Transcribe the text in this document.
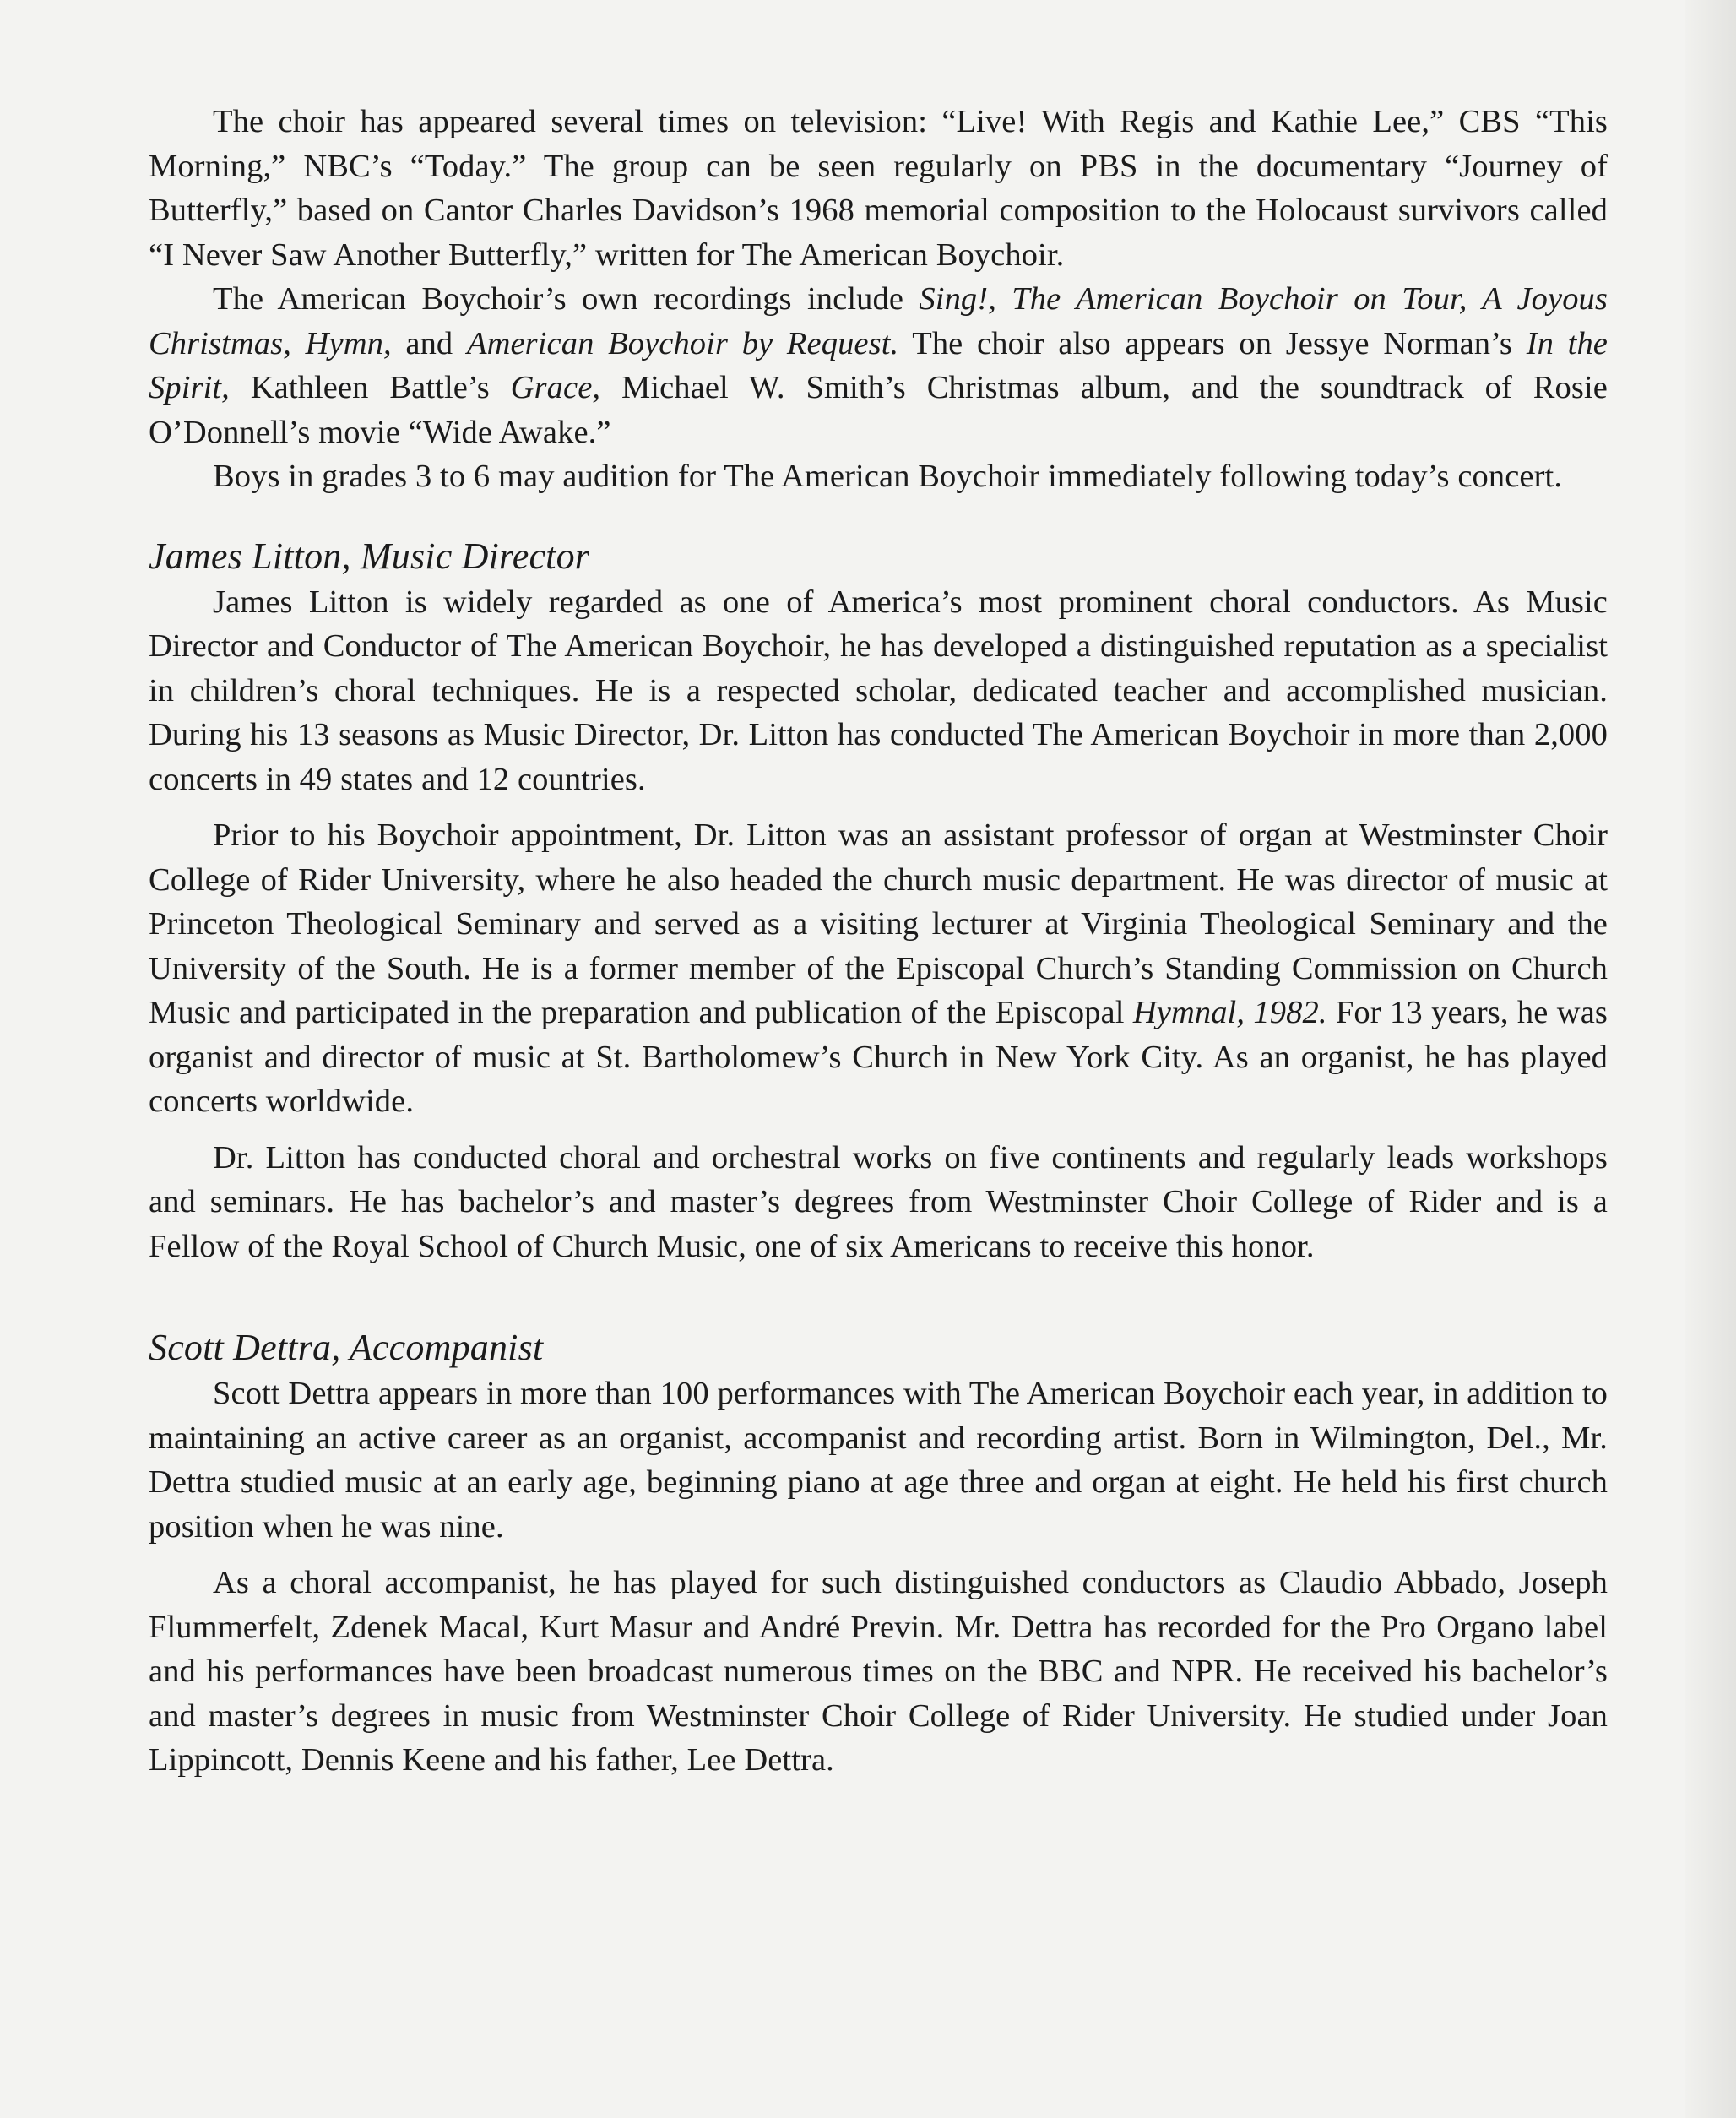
The choir has appeared several times on television: “Live! With Regis and Kathie Lee,” CBS “This Morning,” NBC’s “Today.” The group can be seen regularly on PBS in the documentary “Journey of Butterfly,” based on Cantor Charles Davidson’s 1968 memorial composition to the Holocaust survivors called “I Never Saw Another Butterfly,” written for The American Boychoir.

The American Boychoir’s own recordings include Sing!, The American Boychoir on Tour, A Joyous Christmas, Hymn, and American Boychoir by Request. The choir also appears on Jessye Norman’s In the Spirit, Kathleen Battle’s Grace, Michael W. Smith’s Christmas album, and the soundtrack of Rosie O’Donnell’s movie “Wide Awake.”

Boys in grades 3 to 6 may audition for The American Boychoir immediately following today’s concert.

James Litton, Music Director

James Litton is widely regarded as one of America’s most prominent choral conductors. As Music Director and Conductor of The American Boychoir, he has developed a distinguished reputation as a specialist in children’s choral techniques. He is a respected scholar, dedicated teacher and accomplished musician. During his 13 seasons as Music Director, Dr. Litton has conducted The American Boychoir in more than 2,000 concerts in 49 states and 12 countries.

Prior to his Boychoir appointment, Dr. Litton was an assistant professor of organ at Westminster Choir College of Rider University, where he also headed the church music department. He was director of music at Princeton Theological Seminary and served as a visiting lecturer at Virginia Theological Seminary and the University of the South. He is a former member of the Episcopal Church’s Standing Commission on Church Music and participated in the preparation and publication of the Episcopal Hymnal, 1982. For 13 years, he was organist and director of music at St. Bartholomew’s Church in New York City. As an organist, he has played concerts worldwide.

Dr. Litton has conducted choral and orchestral works on five continents and regularly leads workshops and seminars. He has bachelor’s and master’s degrees from Westminster Choir College of Rider and is a Fellow of the Royal School of Church Music, one of six Americans to receive this honor.

Scott Dettra, Accompanist

Scott Dettra appears in more than 100 performances with The American Boychoir each year, in addition to maintaining an active career as an organist, accompanist and recording artist. Born in Wilmington, Del., Mr. Dettra studied music at an early age, beginning piano at age three and organ at eight. He held his first church position when he was nine.

As a choral accompanist, he has played for such distinguished conductors as Claudio Abbado, Joseph Flummerfelt, Zdenek Macal, Kurt Masur and André Previn. Mr. Dettra has recorded for the Pro Organo label and his performances have been broadcast numerous times on the BBC and NPR. He received his bachelor’s and master’s degrees in music from Westminster Choir College of Rider University. He studied under Joan Lippincott, Dennis Keene and his father, Lee Dettra.
